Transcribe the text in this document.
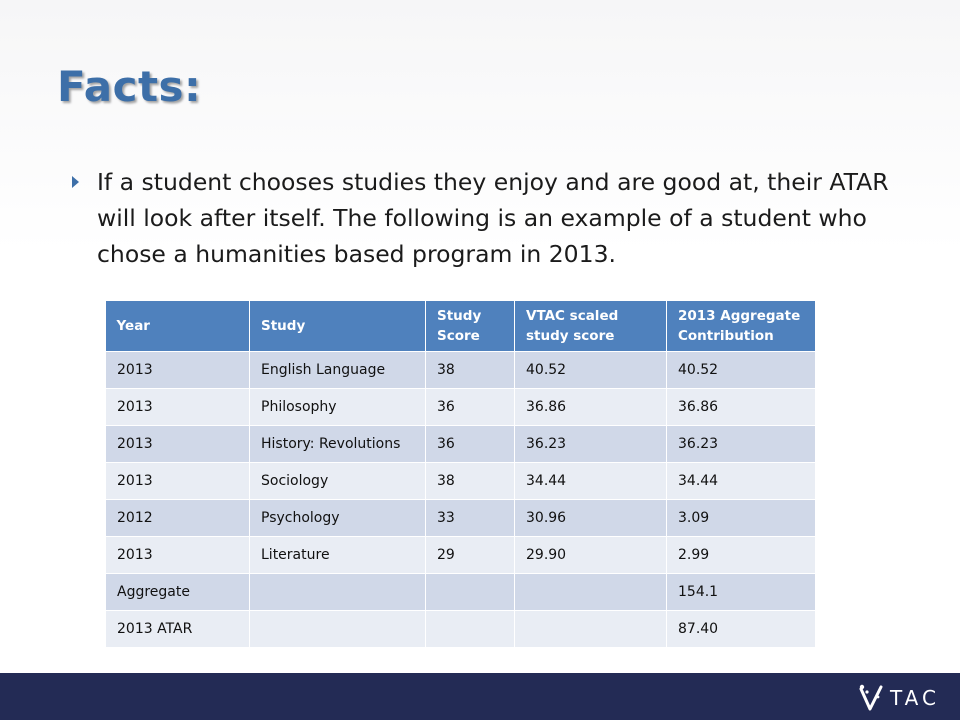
Facts:
If a student chooses studies they enjoy and are good at, their ATAR will look after itself. The following is an example of a student who chose a humanities based program in 2013.
Year	Study	Study Score	VTAC scaled study score	2013 Aggregate Contribution
2013	English Language	38	40.52	40.52
2013	Philosophy	36	36.86	36.86
2013	History: Revolutions	36	36.23	36.23
2013	Sociology	38	34.44	34.44
2012	Psychology	33	30.96	3.09
2013	Literature	29	29.90	2.99
Aggregate				154.1
2013 ATAR				87.40
TAC
